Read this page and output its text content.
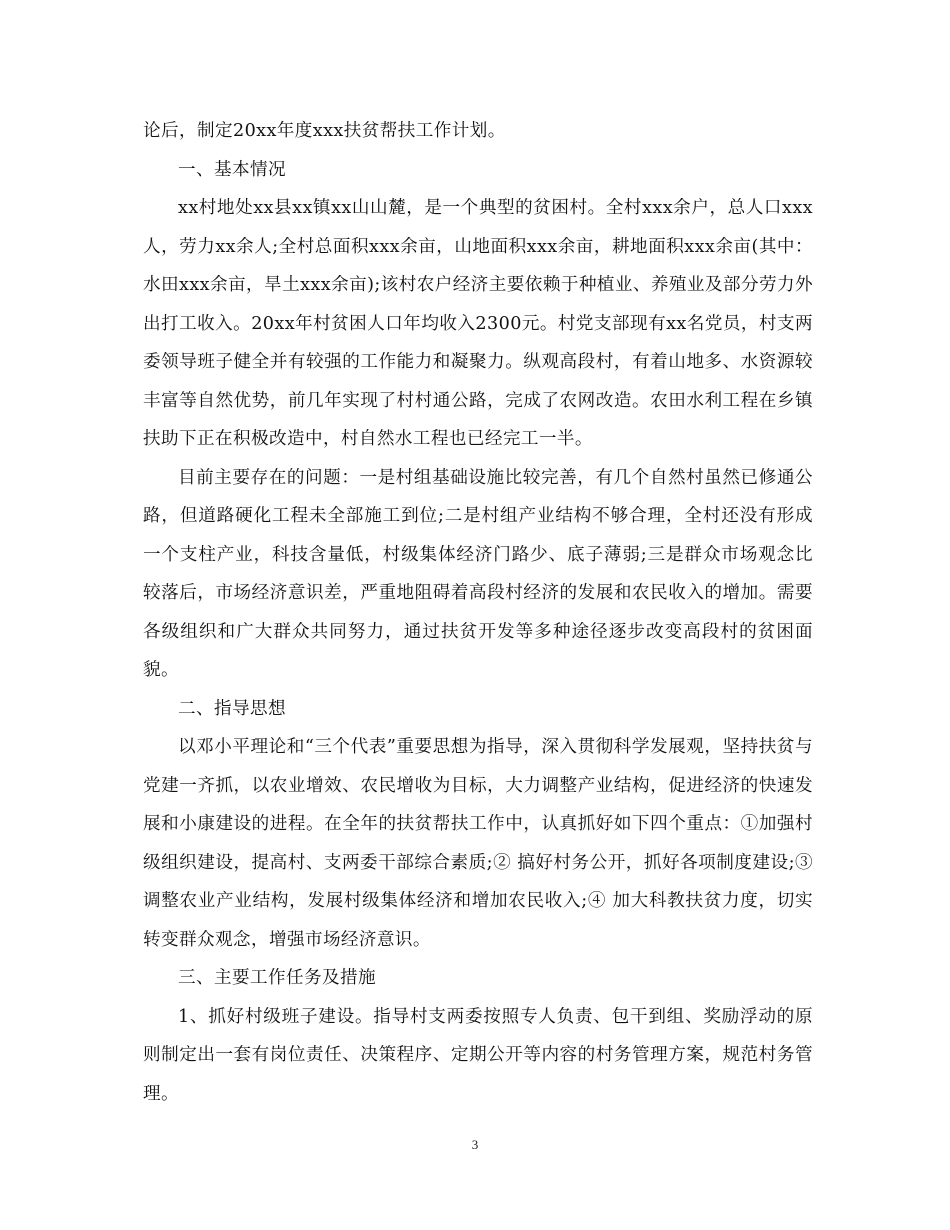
论后，制定20xx年度xxx扶贫帮扶工作计划。

一、基本情况

xx村地处xx县xx镇xx山山麓，是一个典型的贫困村。全村xxx余户，总人口xxx人，劳力xx余人;全村总面积xxx余亩，山地面积xxx余亩，耕地面积xxx余亩(其中：水田xxx余亩，旱土xxx余亩);该村农户经济主要依赖于种植业、养殖业及部分劳力外出打工收入。20xx年村贫困人口年均收入2300元。村党支部现有xx名党员，村支两委领导班子健全并有较强的工作能力和凝聚力。纵观高段村，有着山地多、水资源较丰富等自然优势，前几年实现了村村通公路，完成了农网改造。农田水利工程在乡镇扶助下正在积极改造中，村自然水工程也已经完工一半。

目前主要存在的问题：一是村组基础设施比较完善，有几个自然村虽然已修通公路，但道路硬化工程未全部施工到位;二是村组产业结构不够合理，全村还没有形成一个支柱产业，科技含量低，村级集体经济门路少、底子薄弱;三是群众市场观念比较落后，市场经济意识差，严重地阻碍着高段村经济的发展和农民收入的增加。需要各级组织和广大群众共同努力，通过扶贫开发等多种途径逐步改变高段村的贫困面貌。

二、指导思想

以邓小平理论和“三个代表”重要思想为指导，深入贯彻科学发展观，坚持扶贫与党建一齐抓，以农业增效、农民增收为目标，大力调整产业结构，促进经济的快速发展和小康建设的进程。在全年的扶贫帮扶工作中，认真抓好如下四个重点：①加强村级组织建设，提高村、支两委干部综合素质;② 搞好村务公开，抓好各项制度建设;③ 调整农业产业结构，发展村级集体经济和增加农民收入;④ 加大科教扶贫力度，切实转变群众观念，增强市场经济意识。

三、主要工作任务及措施

1、抓好村级班子建设。指导村支两委按照专人负责、包干到组、奖励浮动的原则制定出一套有岗位责任、决策程序、定期公开等内容的村务管理方案，规范村务管理。

3
